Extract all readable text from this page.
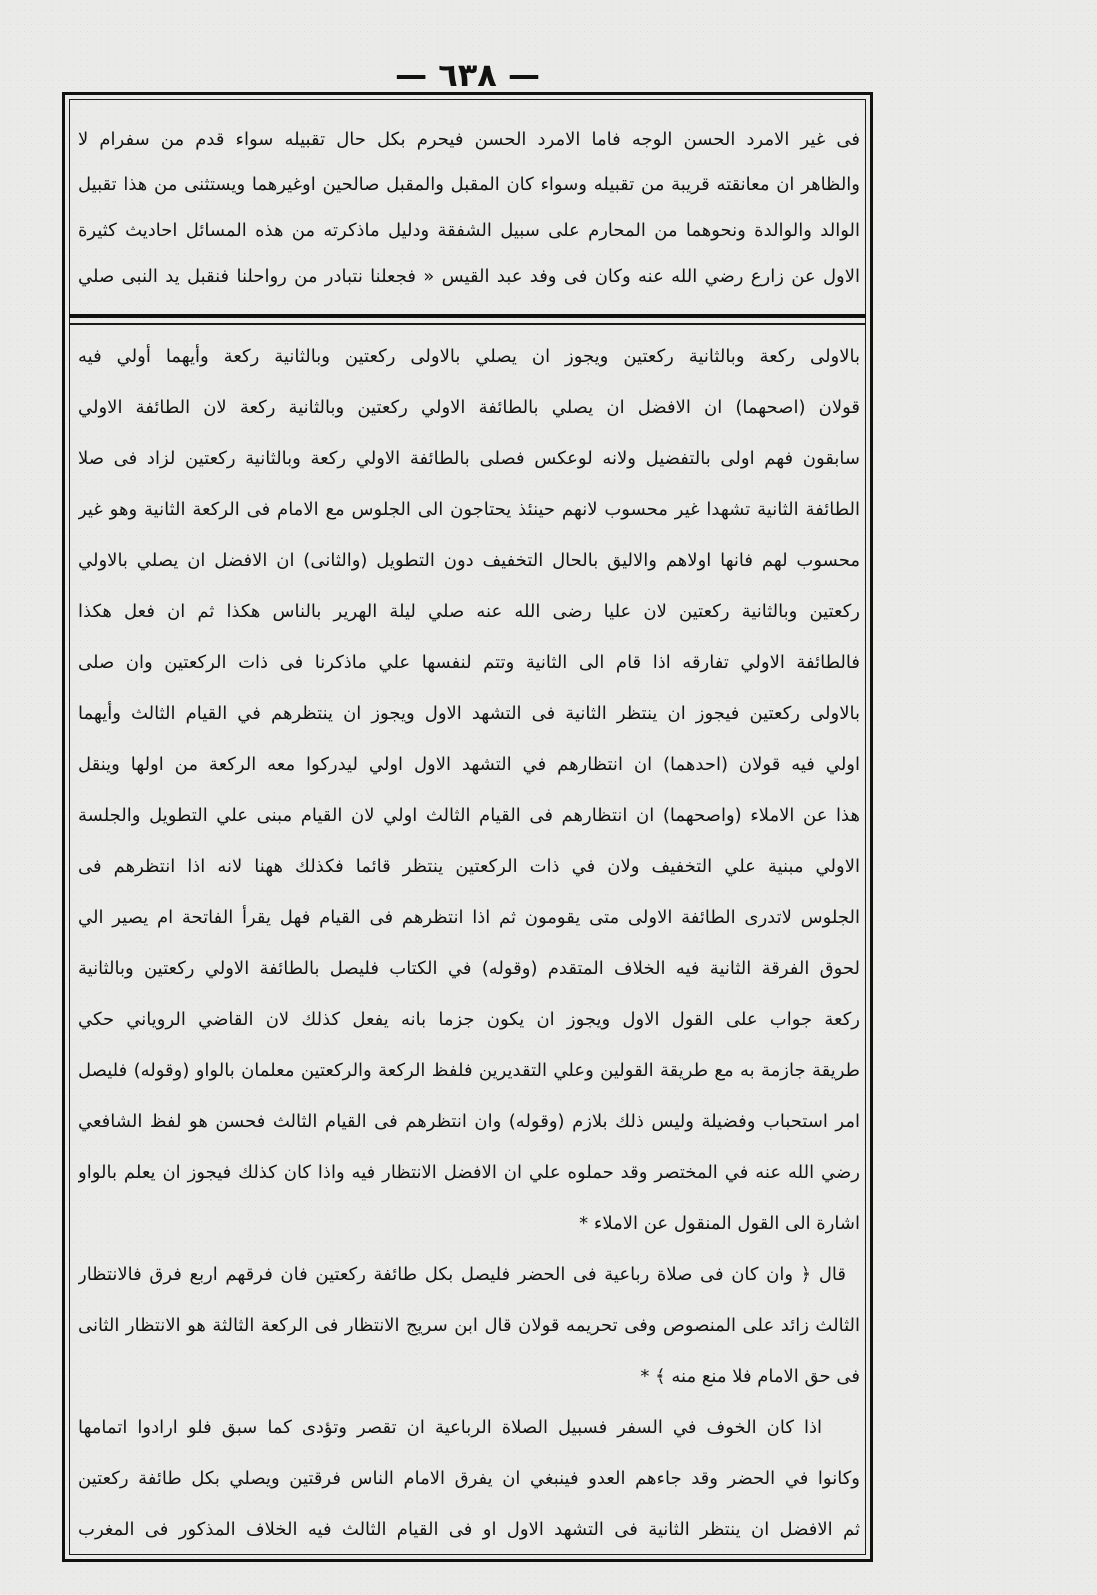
— ٦٣٨ —
فى غير الامرد الحسن الوجه فاما الامرد الحسن فيحرم بكل حال تقبيله سواء قدم من سفرام لا
والظاهر ان معانقته قريبة من تقبيله وسواء كان المقبل والمقبل صالحين اوغيرهما ويستثنى من هذا تقبيل
الوالد والوالدة ونحوهما من المحارم على سبيل الشفقة ودليل ماذكرته من هذه المسائل احاديث كثيرة
الاول عن زارع رضي الله عنه وكان فى وفد عبد القيس « فجعلنا نتبادر من رواحلنا فنقبل يد النبى صلي
بالاولى ركعة وبالثانية ركعتين ويجوز ان يصلي بالاولى ركعتين وبالثانية ركعة وأيهما أولي فيه
قولان (اصحهما) ان الافضل ان يصلي بالطائفة الاولي ركعتين وبالثانية ركعة لان الطائفة الاولي
سابقون فهم اولى بالتفضيل ولانه لوعكس فصلى بالطائفة الاولي ركعة وبالثانية ركعتين لزاد فى صلا
الطائفة الثانية تشهدا غير محسوب لانهم حينئذ يحتاجون الى الجلوس مع الامام فى الركعة الثانية وهو غير
محسوب لهم فانها اولاهم والاليق بالحال التخفيف دون التطويل (والثانى) ان الافضل ان يصلي بالاولي
ركعتين وبالثانية ركعتين لان عليا رضى الله عنه صلي ليلة الهرير بالناس هكذا ثم ان فعل هكذا
فالطائفة الاولي تفارقه اذا قام الى الثانية وتتم لنفسها علي ماذكرنا فى ذات الركعتين وان صلى
بالاولى ركعتين فيجوز ان ينتظر الثانية فى التشهد الاول ويجوز ان ينتظرهم في القيام الثالث وأيهما
اولي فيه قولان (احدهما) ان انتظارهم في التشهد الاول اولي ليدركوا معه الركعة من اولها وينقل
هذا عن الاملاء (واصحهما) ان انتظارهم فى القيام الثالث اولي لان القيام مبنى علي التطويل والجلسة
الاولي مبنية علي التخفيف ولان في ذات الركعتين ينتظر قائما فكذلك ههنا لانه اذا انتظرهم فى
الجلوس لاتدرى الطائفة الاولى متى يقومون ثم اذا انتظرهم فى القيام فهل يقرأ الفاتحة ام يصير الي
لحوق الفرقة الثانية فيه الخلاف المتقدم (وقوله) في الكتاب فليصل بالطائفة الاولي ركعتين وبالثانية
ركعة جواب على القول الاول ويجوز ان يكون جزما بانه يفعل كذلك لان القاضي الروياني حكي
طريقة جازمة به مع طريقة القولين وعلي التقديرين فلفظ الركعة والركعتين معلمان بالواو (وقوله) فليصل
امر استحباب وفضيلة وليس ذلك بلازم (وقوله) وان انتظرهم فى القيام الثالث فحسن هو لفظ الشافعي
رضي الله عنه في المختصر وقد حملوه علي ان الافضل الانتظار فيه واذا كان كذلك فيجوز ان يعلم بالواو
اشارة الى القول المنقول عن الاملاء *
قال ﴿ وان كان فى صلاة رباعية فى الحضر فليصل بكل طائفة ركعتين فان فرقهم اربع فرق فالانتظار
الثالث زائد على المنصوص وفى تحريمه قولان قال ابن سريج الانتظار فى الركعة الثالثة هو الانتظار الثانى
فى حق الامام فلا منع منه ﴾ *
اذا كان الخوف في السفر فسبيل الصلاة الرباعية ان تقصر وتؤدى كما سبق فلو ارادوا اتمامها
وكانوا في الحضر وقد جاءهم العدو فينبغي ان يفرق الامام الناس فرقتين ويصلي بكل طائفة ركعتين
ثم الافضل ان ينتظر الثانية فى التشهد الاول او فى القيام الثالث فيه الخلاف المذكور فى المغرب
